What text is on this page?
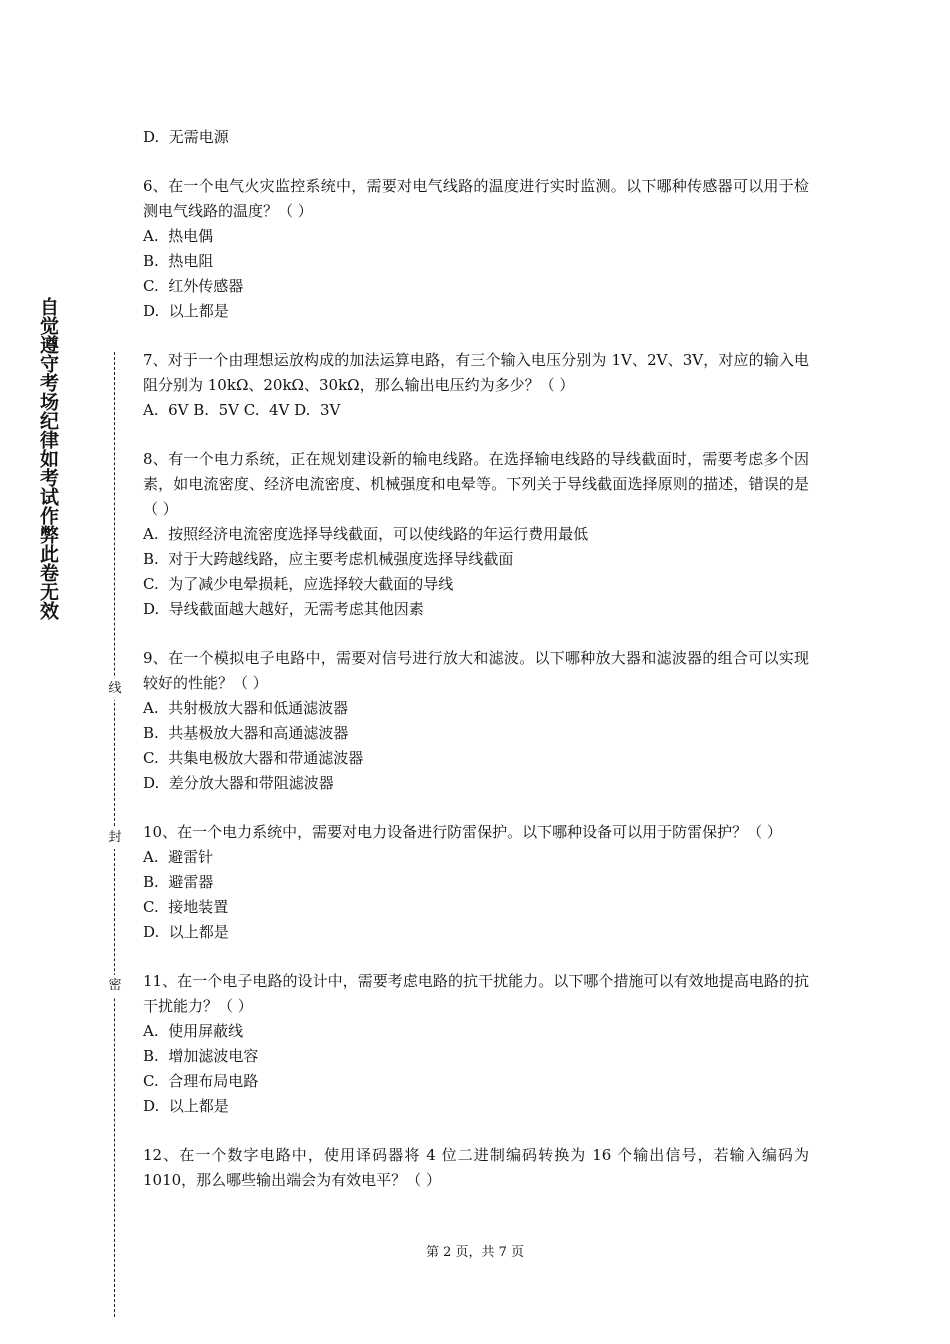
自觉遵守考场纪律如考试作弊此卷无效
线
封
密

D.  无需电源

6、在一个电气火灾监控系统中，需要对电气线路的温度进行实时监测。以下哪种传感器可以用于检测电气线路的温度？（ ）

A.  热电偶

B.  热电阻

C.  红外传感器

D.  以上都是

7、对于一个由理想运放构成的加法运算电路，有三个输入电压分别为 1V、2V、3V，对应的输入电阻分别为 10kΩ、20kΩ、30kΩ，那么输出电压约为多少？（ ）

A.  6V B.  5V C.  4V D.  3V

8、有一个电力系统，正在规划建设新的输电线路。在选择输电线路的导线截面时，需要考虑多个因素，如电流密度、经济电流密度、机械强度和电晕等。下列关于导线截面选择原则的描述，错误的是（ ）

A.  按照经济电流密度选择导线截面，可以使线路的年运行费用最低

B.  对于大跨越线路，应主要考虑机械强度选择导线截面

C.  为了减少电晕损耗，应选择较大截面的导线

D.  导线截面越大越好，无需考虑其他因素

9、在一个模拟电子电路中，需要对信号进行放大和滤波。以下哪种放大器和滤波器的组合可以实现较好的性能？（ ）

A.  共射极放大器和低通滤波器

B.  共基极放大器和高通滤波器

C.  共集电极放大器和带通滤波器

D.  差分放大器和带阻滤波器

10、在一个电力系统中，需要对电力设备进行防雷保护。以下哪种设备可以用于防雷保护？（ ）

A.  避雷针

B.  避雷器

C.  接地装置

D.  以上都是

11、在一个电子电路的设计中，需要考虑电路的抗干扰能力。以下哪个措施可以有效地提高电路的抗干扰能力？（ ）

A.  使用屏蔽线

B.  增加滤波电容

C.  合理布局电路

D.  以上都是

12、在一个数字电路中，使用译码器将 4 位二进制编码转换为 16 个输出信号，若输入编码为 1010，那么哪些输出端会为有效电平？（ ）

第 2 页，共 7 页
